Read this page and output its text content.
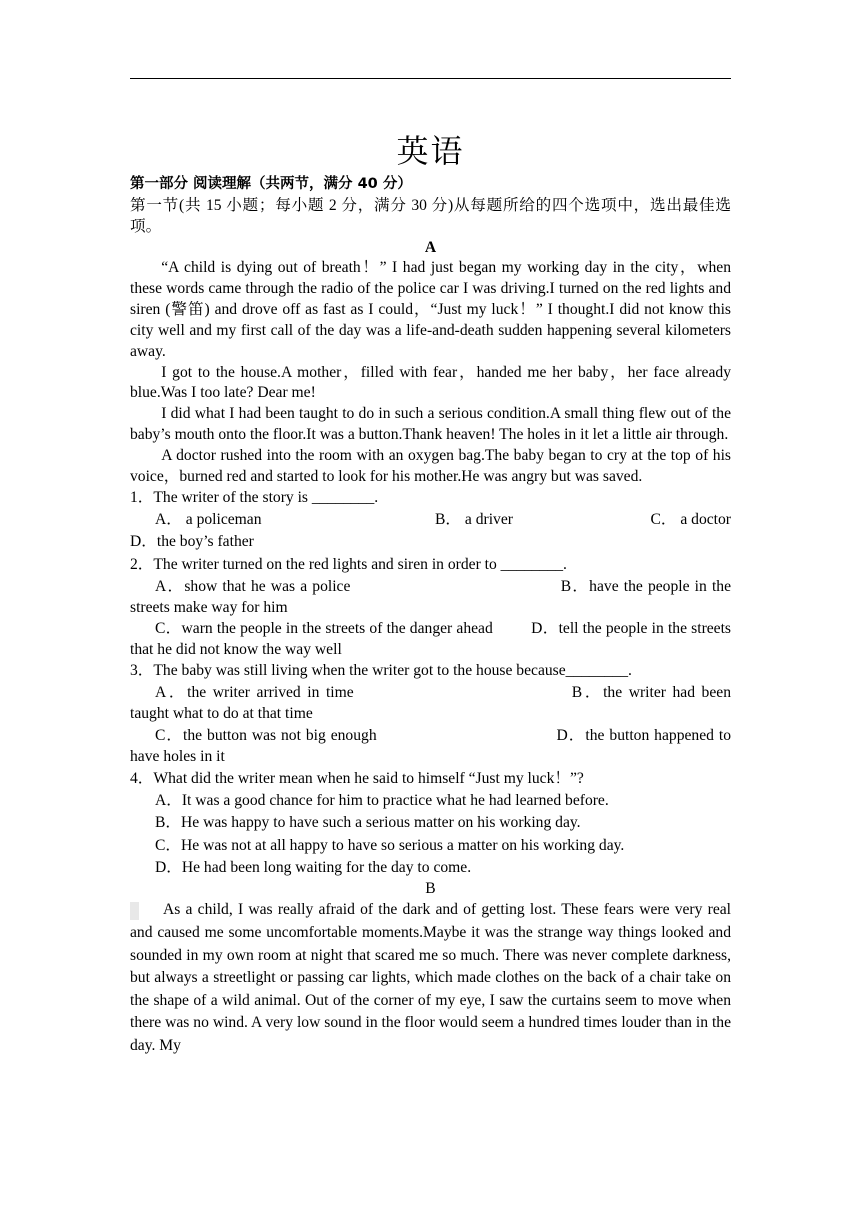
英语
第一部分 阅读理解（共两节，满分 40 分）
第一节(共 15 小题；每小题 2 分，满分 30 分)从每题所给的四个选项中，选出最佳选项。
A

“A child is dying out of breath！” I had just began my working day in the city，when these words came through the radio of the police car I was driving.I turned on the red lights and siren (警笛) and drove off as fast as I could，“Just my luck！” I thought.I did not know this city well and my first call of the day was a life-and-death sudden happening several kilometers away.

I got to the house.A mother，filled with fear，handed me her baby，her face already blue.Was I too late? Dear me!

I did what I had been taught to do in such a serious condition.A small thing flew out of the baby’s mouth onto the floor.It was a button.Thank heaven! The holes in it let a little air through.

A doctor rushed into the room with an oxygen bag.The baby began to cry at the top of his voice，burned red and started to look for his mother.He was angry but was saved.

1．The writer of the story is ________.
A． a policeman	B． a driver	C． a doctor
D．the boy’s father
2．The writer turned on the red lights and siren in order to ________.
A．show that he was a police	B．have the people in the streets make way for him
C．warn the people in the streets of the danger ahead D．tell the people in the streets that he did not know the way well
3．The baby was still living when the writer got to the house because________.
A．the writer arrived in time	B．the writer had been taught what to do at that time
C．the button was not big enough	D．the button happened to have holes in it
4．What did the writer mean when he said to himself “Just my luck！”?
A．It was a good chance for him to practice what he had learned before.
B．He was happy to have such a serious matter on his working day.
C．He was not at all happy to have so serious a matter on his working day.
D．He had been long waiting for the day to come.
B

As a child, I was really afraid of the dark and of getting lost. These fears were very real and caused me some uncomfortable moments.Maybe it was the strange way things looked and sounded in my own room at night that scared me so much. There was never complete darkness, but always a streetlight or passing car lights, which made clothes on the back of a chair take on the shape of a wild animal. Out of the corner of my eye, I saw the curtains seem to move when there was no wind. A very low sound in the floor would seem a hundred times louder than in the day. My
